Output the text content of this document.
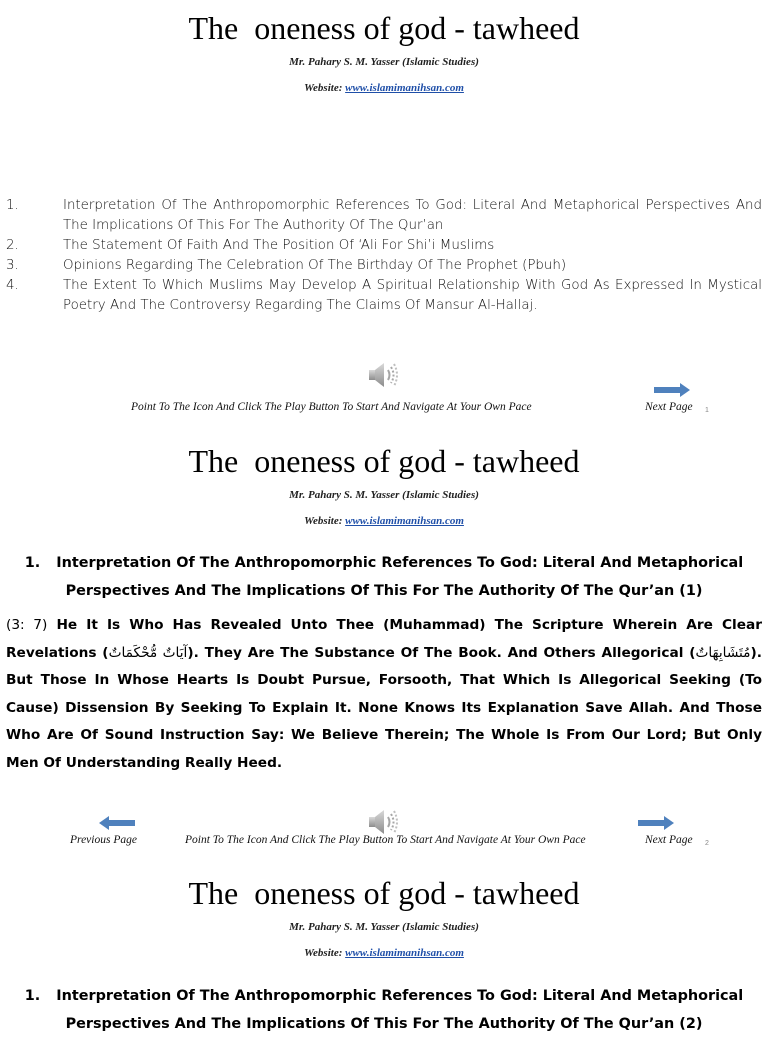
The  oneness of god - tawheed
Mr. Pahary S. M. Yasser (Islamic Studies)
Website: www.islamimanihsan.com
1.	Interpretation Of The Anthropomorphic References To God: Literal And Metaphorical Perspectives And The Implications Of This For The Authority Of The Qur’an
2.	The Statement Of Faith And The Position Of ‘Ali For Shi’i Muslims
3.	Opinions Regarding The Celebration Of The Birthday Of The Prophet (Pbuh)
4.	The Extent To Which Muslims May Develop A Spiritual Relationship With God As Expressed In Mystical Poetry And The Controversy Regarding The Claims Of Mansur Al-Hallaj.
Point To The Icon And Click The Play Button To Start And Navigate At Your Own Pace	Next Page 1
The  oneness of god - tawheed
Mr. Pahary S. M. Yasser (Islamic Studies)
Website: www.islamimanihsan.com
1. Interpretation Of The Anthropomorphic References To God: Literal And Metaphorical
Perspectives And The Implications Of This For The Authority Of The Qur’an (1)
(3: 7) He It Is Who Has Revealed Unto Thee (Muhammad) The Scripture Wherein Are Clear Revelations (آيَاتٌ مُّحْكَمَاتٌ). They Are The Substance Of The Book. And Others Allegorical (مُتَشَابِهَاتٌ). But Those In Whose Hearts Is Doubt Pursue, Forsooth, That Which Is Allegorical Seeking (To Cause) Dissension By Seeking To Explain It. None Knows Its Explanation Save Allah. And Those Who Are Of Sound Instruction Say: We Believe Therein; The Whole Is From Our Lord; But Only Men Of Understanding Really Heed.
Previous Page	Point To The Icon And Click The Play Button To Start And Navigate At Your Own Pace	Next Page 2
The  oneness of god - tawheed
Mr. Pahary S. M. Yasser (Islamic Studies)
Website: www.islamimanihsan.com
1. Interpretation Of The Anthropomorphic References To God: Literal And Metaphorical
Perspectives And The Implications Of This For The Authority Of The Qur’an (2)
